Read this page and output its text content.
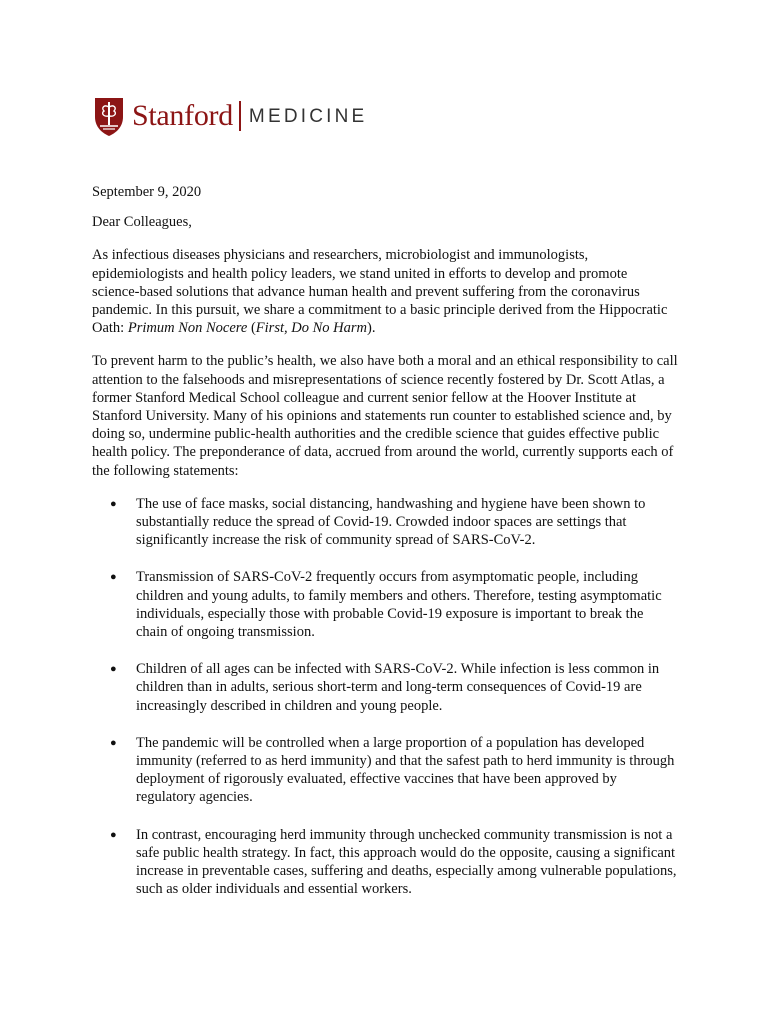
Stanford MEDICINE

September 9, 2020

Dear Colleagues,

As infectious diseases physicians and researchers, microbiologist and immunologists, epidemiologists and health policy leaders, we stand united in efforts to develop and promote science-based solutions that advance human health and prevent suffering from the coronavirus pandemic. In this pursuit, we share a commitment to a basic principle derived from the Hippocratic Oath: Primum Non Nocere (First, Do No Harm).

To prevent harm to the public’s health, we also have both a moral and an ethical responsibility to call attention to the falsehoods and misrepresentations of science recently fostered by Dr. Scott Atlas, a former Stanford Medical School colleague and current senior fellow at the Hoover Institute at Stanford University. Many of his opinions and statements run counter to established science and, by doing so, undermine public-health authorities and the credible science that guides effective public health policy. The preponderance of data, accrued from around the world, currently supports each of the following statements:

● The use of face masks, social distancing, handwashing and hygiene have been shown to substantially reduce the spread of Covid-19. Crowded indoor spaces are settings that significantly increase the risk of community spread of SARS-CoV-2.
● Transmission of SARS-CoV-2 frequently occurs from asymptomatic people, including children and young adults, to family members and others. Therefore, testing asymptomatic individuals, especially those with probable Covid-19 exposure is important to break the chain of ongoing transmission.
● Children of all ages can be infected with SARS-CoV-2. While infection is less common in children than in adults, serious short-term and long-term consequences of Covid-19 are increasingly described in children and young people.
● The pandemic will be controlled when a large proportion of a population has developed immunity (referred to as herd immunity) and that the safest path to herd immunity is through deployment of rigorously evaluated, effective vaccines that have been approved by regulatory agencies.
● In contrast, encouraging herd immunity through unchecked community transmission is not a safe public health strategy. In fact, this approach would do the opposite, causing a significant increase in preventable cases, suffering and deaths, especially among vulnerable populations, such as older individuals and essential workers.
